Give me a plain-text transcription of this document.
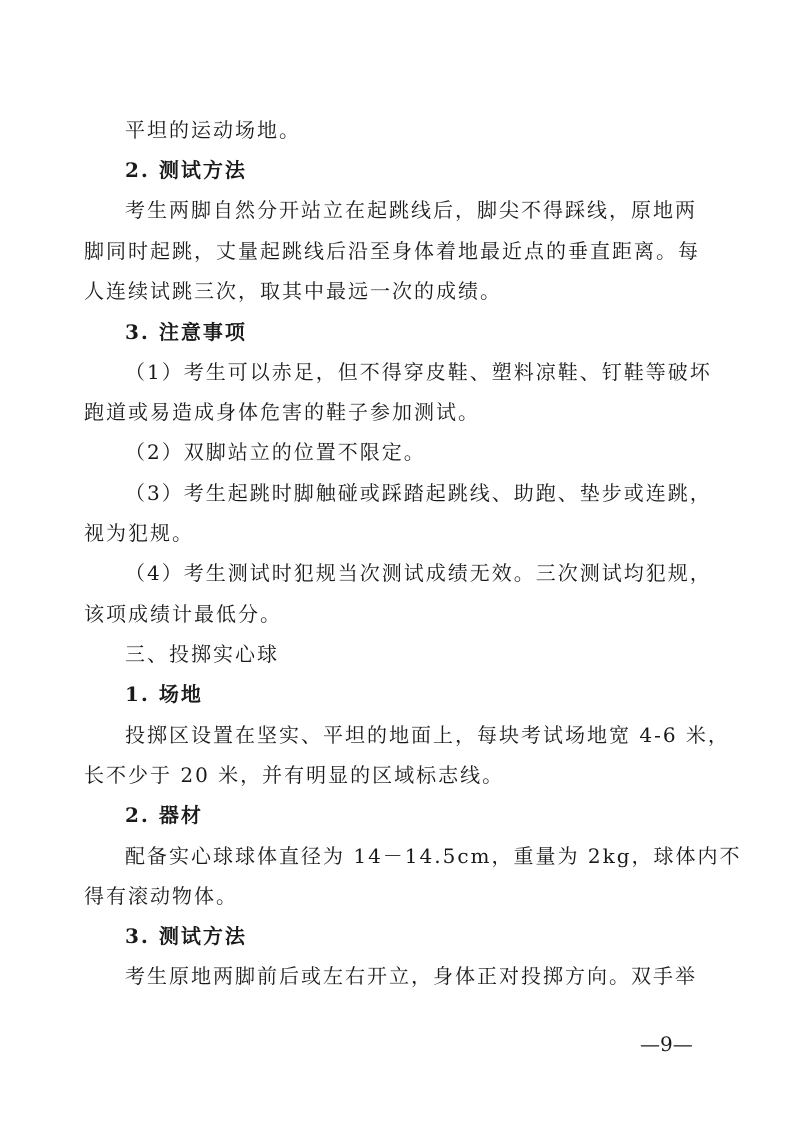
平坦的运动场地。
2. 测试方法
考生两脚自然分开站立在起跳线后，脚尖不得踩线，原地两
脚同时起跳，丈量起跳线后沿至身体着地最近点的垂直距离。每
人连续试跳三次，取其中最远一次的成绩。
3. 注意事项
（1）考生可以赤足，但不得穿皮鞋、塑料凉鞋、钉鞋等破坏
跑道或易造成身体危害的鞋子参加测试。
（2）双脚站立的位置不限定。
（3）考生起跳时脚触碰或踩踏起跳线、助跑、垫步或连跳，
视为犯规。
（4）考生测试时犯规当次测试成绩无效。三次测试均犯规，
该项成绩计最低分。
三、投掷实心球
1. 场地
投掷区设置在坚实、平坦的地面上，每块考试场地宽 4-6 米，
长不少于 20 米，并有明显的区域标志线。
2. 器材
配备实心球球体直径为 14－14.5cm，重量为 2kg，球体内不
得有滚动物体。
3. 测试方法
考生原地两脚前后或左右开立，身体正对投掷方向。双手举
—9—
